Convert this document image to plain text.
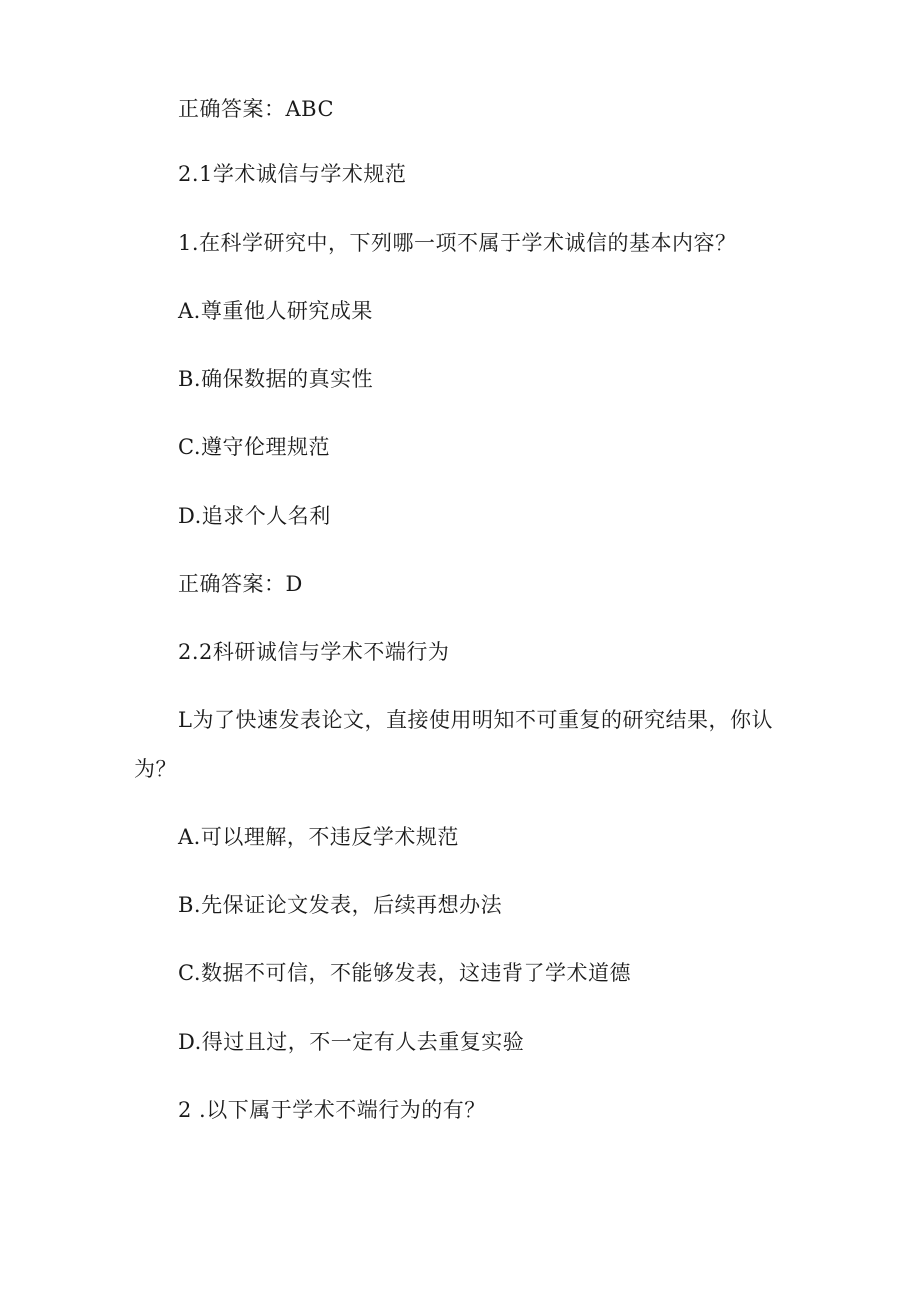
正确答案：ABC
2.1学术诚信与学术规范
1.在科学研究中，下列哪一项不属于学术诚信的基本内容？
A.尊重他人研究成果
B.确保数据的真实性
C.遵守伦理规范
D.追求个人名利
正确答案：D
2.2科研诚信与学术不端行为
L为了快速发表论文，直接使用明知不可重复的研究结果，你认
为？
A.可以理解，不违反学术规范
B.先保证论文发表，后续再想办法
C.数据不可信，不能够发表，这违背了学术道德
D.得过且过，不一定有人去重复实验
2 .以下属于学术不端行为的有？
